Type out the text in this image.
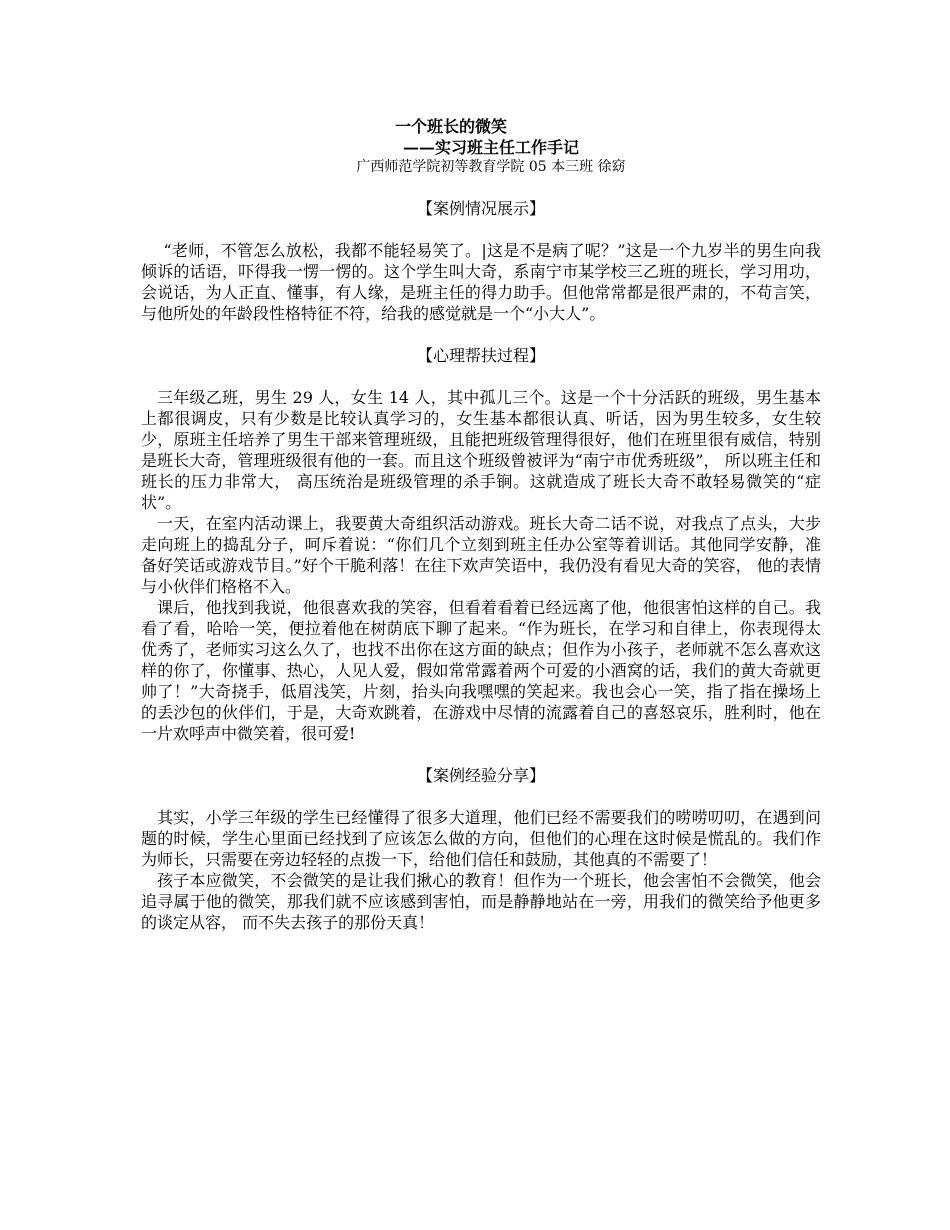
一个班长的微笑
——实习班主任工作手记
广西师范学院初等教育学院 05 本三班 徐窈
【案例情况展示】

“老师，不管怎么放松，我都不能轻易笑了。|这是不是病了呢？”这是一个九岁半的男生向我倾诉的话语，吓得我一愣一愣的。这个学生叫大奇，系南宁市某学校三乙班的班长，学习用功，会说话，为人正直、懂事，有人缘，是班主任的得力助手。但他常常都是很严肃的，不苟言笑，与他所处的年龄段性格特征不符，给我的感觉就是一个“小大人”。

【心理帮扶过程】

三年级乙班，男生 29 人，女生 14 人，其中孤儿三个。这是一个十分活跃的班级，男生基本上都很调皮，只有少数是比较认真学习的，女生基本都很认真、听话，因为男生较多，女生较少，原班主任培养了男生干部来管理班级，且能把班级管理得很好，他们在班里很有威信，特别是班长大奇，管理班级很有他的一套。而且这个班级曾被评为“南宁市优秀班级”， 所以班主任和班长的压力非常大， 高压统治是班级管理的杀手锏。这就造成了班长大奇不敢轻易微笑的“症状”。

一天，在室内活动课上，我要黄大奇组织活动游戏。班长大奇二话不说，对我点了点头，大步走向班上的捣乱分子，呵斥着说：“你们几个立刻到班主任办公室等着训话。其他同学安静，准备好笑话或游戏节目。”好个干脆利落！在往下欢声笑语中，我仍没有看见大奇的笑容， 他的表情与小伙伴们格格不入。

课后，他找到我说，他很喜欢我的笑容，但看着看着已经远离了他，他很害怕这样的自己。我看了看，哈哈一笑，便拉着他在树荫底下聊了起来。“作为班长，在学习和自律上，你表现得太优秀了，老师实习这么久了，也找不出你在这方面的缺点；但作为小孩子，老师就不怎么喜欢这样的你了，你懂事、热心，人见人爱，假如常常露着两个可爱的小酒窝的话，我们的黄大奇就更帅了！”大奇挠手，低眉浅笑，片刻，抬头向我嘿嘿的笑起来。我也会心一笑，指了指在操场上的丢沙包的伙伴们，于是，大奇欢跳着，在游戏中尽情的流露着自己的喜怒哀乐，胜利时，他在一片欢呼声中微笑着，很可爱!

【案例经验分享】

其实，小学三年级的学生已经懂得了很多大道理，他们已经不需要我们的唠唠叨叨，在遇到问题的时候，学生心里面已经找到了应该怎么做的方向，但他们的心理在这时候是慌乱的。我们作为师长，只需要在旁边轻轻的点拨一下，给他们信任和鼓励，其他真的不需要了！

孩子本应微笑，不会微笑的是让我们揪心的教育！但作为一个班长，他会害怕不会微笑，他会追寻属于他的微笑，那我们就不应该感到害怕，而是静静地站在一旁，用我们的微笑给予他更多的谈定从容， 而不失去孩子的那份天真！
